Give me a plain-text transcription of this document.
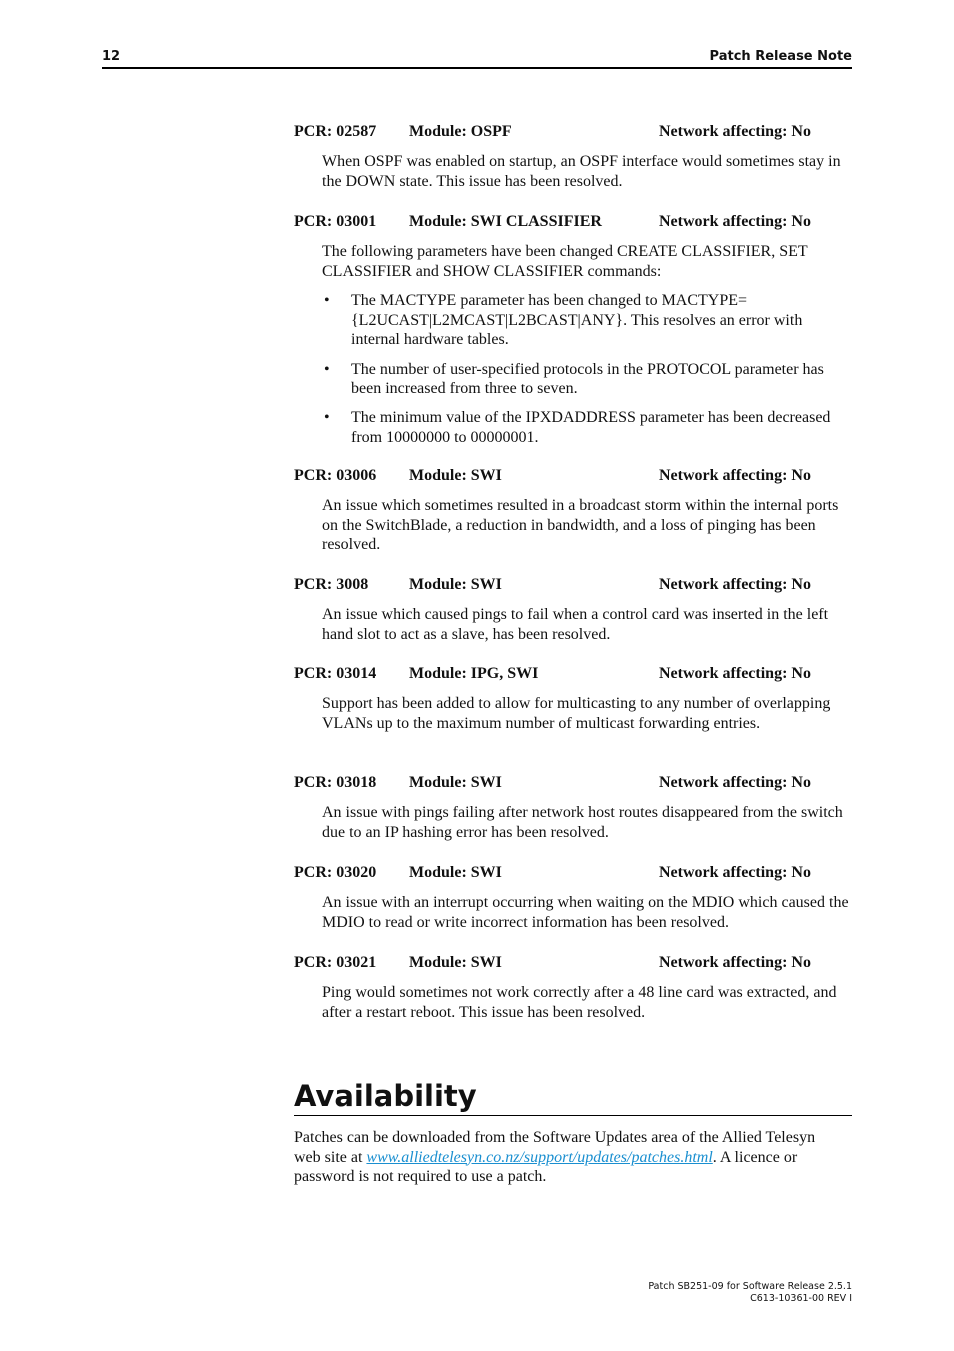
12	Patch Release Note
PCR: 02587 Module: OSPF	Network affecting: No

When OSPF was enabled on startup, an OSPF interface would sometimes stay in the DOWN state. This issue has been resolved.

PCR: 03001 Module: SWI CLASSIFIER	Network affecting: No

The following parameters have been changed CREATE CLASSIFIER, SET CLASSIFIER and SHOW CLASSIFIER commands:

• The MACTYPE parameter has been changed to MACTYPE={L2UCAST|L2MCAST|L2BCAST|ANY}. This resolves an error with internal hardware tables.
• The number of user-specified protocols in the PROTOCOL parameter has been increased from three to seven.
• The minimum value of the IPXDADDRESS parameter has been decreased from 10000000 to 00000001.
PCR: 03006 Module: SWI	Network affecting: No

An issue which sometimes resulted in a broadcast storm within the internal ports on the SwitchBlade, a reduction in bandwidth, and a loss of pinging has been resolved.

PCR: 3008	Module: SWI	Network affecting: No

An issue which caused pings to fail when a control card was inserted in the left hand slot to act as a slave, has been resolved.

PCR: 03014 Module: IPG, SWI	Network affecting: No

Support has been added to allow for multicasting to any number of overlapping VLANs up to the maximum number of multicast forwarding entries.

PCR: 03018 Module: SWI	Network affecting: No

An issue with pings failing after network host routes disappeared from the switch due to an IP hashing error has been resolved.

PCR: 03020 Module: SWI	Network affecting: No

An issue with an interrupt occurring when waiting on the MDIO which caused the MDIO to read or write incorrect information has been resolved.

PCR: 03021 Module: SWI	Network affecting: No

Ping would sometimes not work correctly after a 48 line card was extracted, and after a restart reboot. This issue has been resolved.

Availability
Patches can be downloaded from the Software Updates area of the Allied Telesyn web site at www.alliedtelesyn.co.nz/support/updates/patches.html. A licence or password is not required to use a patch.
Patch SB251-09 for Software Release 2.5.1
C613-10361-00 REV I
